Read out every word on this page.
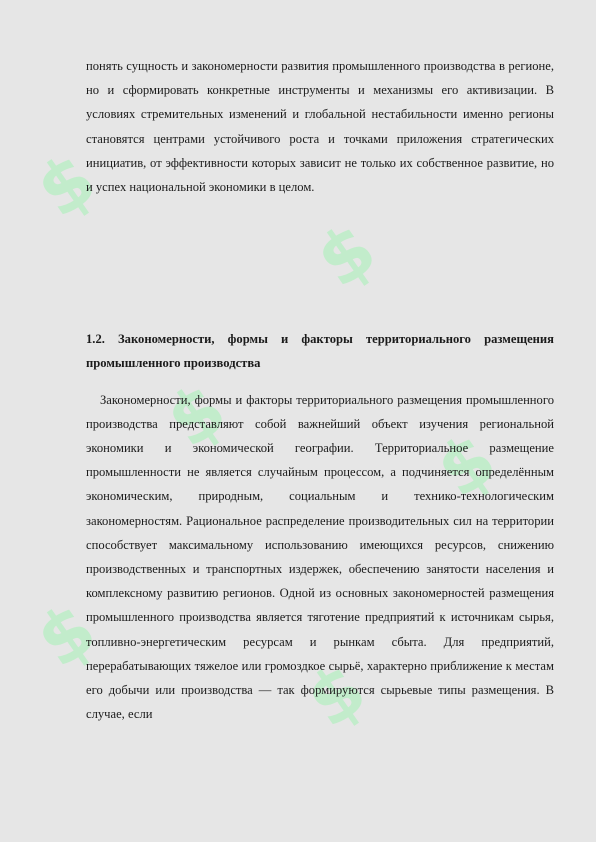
$
$
$
$
$
$

понять сущность и закономерности развития промышленного производства в регионе, но и сформировать конкретные инструменты и механизмы его активизации. В условиях стремительных изменений и глобальной нестабильности именно регионы становятся центрами устойчивого роста и точками приложения стратегических инициатив, от эффективности которых зависит не только их собственное развитие, но и успех национальной экономики в целом.

1.2. Закономерности, формы и факторы территориального размещения промышленного производства

Закономерности, формы и факторы территориального размещения промышленного производства представляют собой важнейший объект изучения региональной экономики и экономической географии. Территориальное размещение промышленности не является случайным процессом, а подчиняется определённым экономическим, природным, социальным и технико-технологическим закономерностям. Рациональное распределение производительных сил на территории способствует максимальному использованию имеющихся ресурсов, снижению производственных и транспортных издержек, обеспечению занятости населения и комплексному развитию регионов. Одной из основных закономерностей размещения промышленного производства является тяготение предприятий к источникам сырья, топливно-энергетическим ресурсам и рынкам сбыта. Для предприятий, перерабатывающих тяжелое или громоздкое сырьё, характерно приближение к местам его добычи или производства — так формируются сырьевые типы размещения. В случае, если
